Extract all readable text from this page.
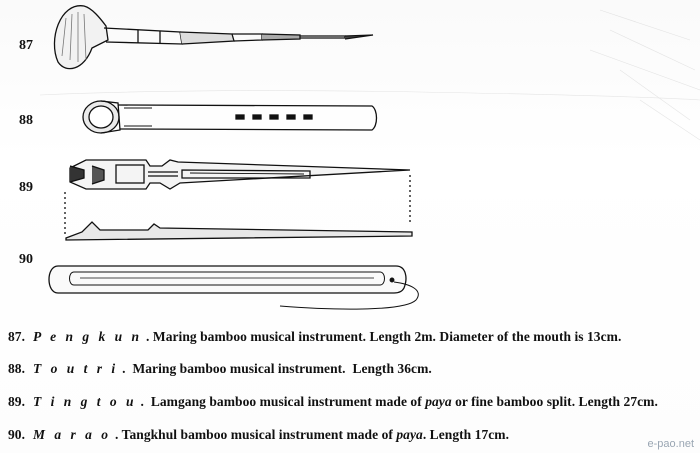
87
88
89
90
87. P e n g k u n . Maring bamboo musical instrument. Length 2m. Diameter of the mouth is 13cm.
88. T o u t r i .  Maring bamboo musical instrument.  Length 36cm.
89. T i n g t o u .  Lamgang bamboo musical instrument made of paya or fine bamboo split. Length 27cm.
90. M a r a o . Tangkhul bamboo musical instrument made of paya. Length 17cm.
e-pao.net
